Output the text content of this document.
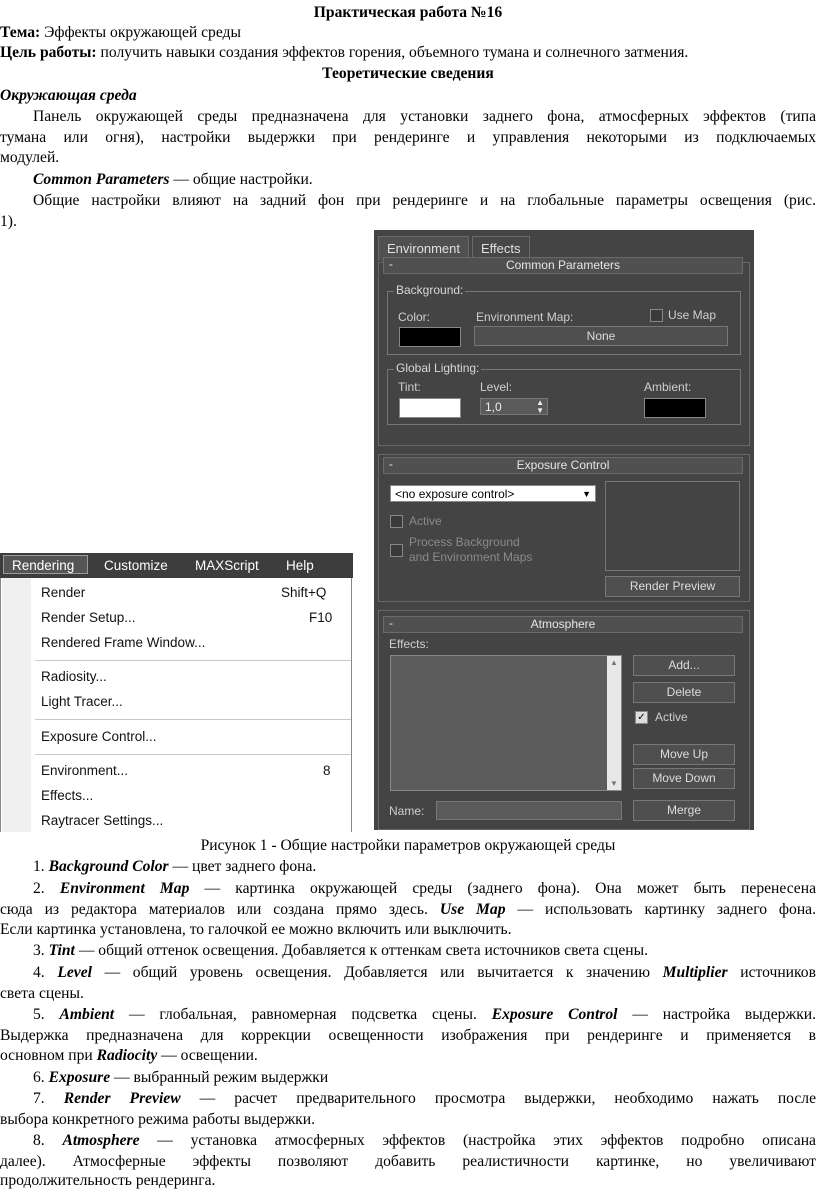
Практическая работа №16
Тема: Эффекты окружающей среды
Цель работы: получить навыки создания эффектов горения, объемного тумана и солнечного затмения.
Теоретические сведения
Окружающая среда
Панель окружающей среды предназначена для установки заднего фона, атмосферных эффектов (типа
тумана или огня), настройки выдержки при рендеринге и управления некоторыми из подключаемых
модулей.
Common Parameters — общие настройки.
Общие настройки влияют на задний фон при рендеринге и на глобальные параметры освещения (рис.
1).
Environment	Effects
-	Common Parameters
Background:
Color:	Environment Map:	Use Map
None
Global Lighting:
Tint:	Level:
1,0	▲
▼
Ambient:
-	Exposure Control
<no exposure control>	▼
Active
Process Background
and Environment Maps
Render Preview
-	Atmosphere
Effects:
▲
▼
Add...
Delete
✓ Active
Move Up
Move Down
Name:	Merge
Rendering	Customize MAXScript Help
Render	Shift+Q
Render Setup...	F10
Rendered Frame Window...
Radiosity...
Light Tracer...
Exposure Control...
Environment...	8
Effects...
Raytracer Settings...
Рисунок 1 - Общие настройки параметров окружающей среды
1. Background Color — цвет заднего фона.
2. Environment Map — картинка окружающей среды (заднего фона). Она может быть перенесена
сюда из редактора материалов или создана прямо здесь. Use Map — использовать картинку заднего фона.
Если картинка установлена, то галочкой ее можно включить или выключить.
3. Tint — общий оттенок освещения. Добавляется к оттенкам света источников света сцены.
4. Level — общий уровень освещения. Добавляется или вычитается к значению Multiplier источников
света сцены.
5. Ambient — глобальная, равномерная подсветка сцены. Exposure Control — настройка выдержки.
Выдержка предназначена для коррекции освещенности изображения при рендеринге и применяется в
основном при Radiocity — освещении.
6. Exposure — выбранный режим выдержки
7. Render Preview — расчет предварительного просмотра выдержки, необходимо нажать после
выбора конкретного режима работы выдержки.
8. Atmosphere — установка атмосферных эффектов (настройка этих эффектов подробно описана
далее). Атмосферные эффекты позволяют добавить реалистичности картинке, но увеличивают
продолжительность рендеринга.
